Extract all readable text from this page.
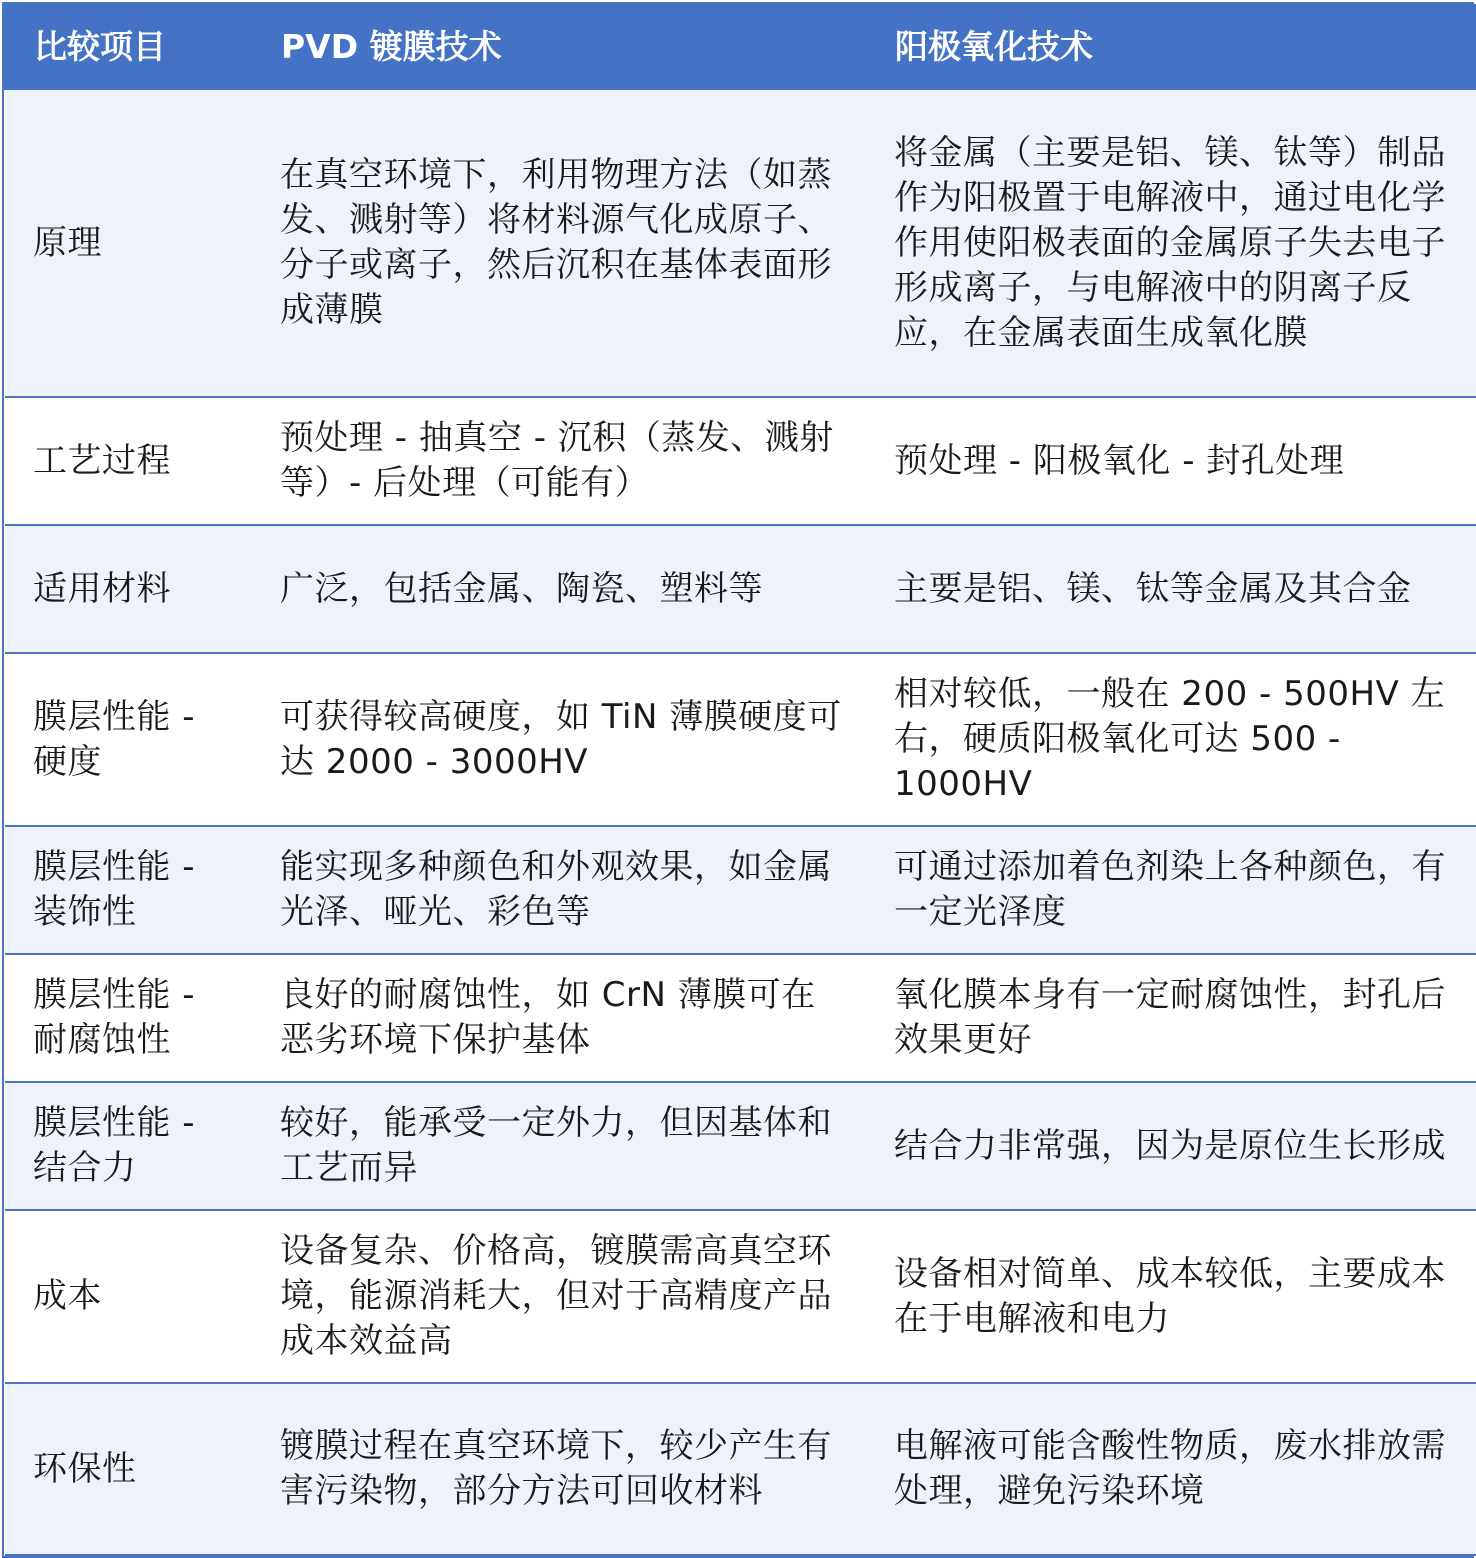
比较项目	PVD 镀膜技术	阳极氧化技术
原理	在真空环境下，利用物理方法（如蒸发、溅射等）将材料源气化成原子、分子或离子，然后沉积在基体表面形成薄膜	将金属（主要是铝、镁、钛等）制品作为阳极置于电解液中，通过电化学作用使阳极表面的金属原子失去电子形成离子，与电解液中的阴离子反应，在金属表面生成氧化膜
工艺过程	预处理 - 抽真空 - 沉积（蒸发、溅射等）- 后处理（可能有）	预处理 - 阳极氧化 - 封孔处理
适用材料	广泛，包括金属、陶瓷、塑料等	主要是铝、镁、钛等金属及其合金
膜层性能 - 硬度	可获得较高硬度，如 TiN 薄膜硬度可达 2000 - 3000HV	相对较低，一般在 200 - 500HV 左右，硬质阳极氧化可达 500 - 1000HV
膜层性能 - 装饰性	能实现多种颜色和外观效果，如金属光泽、哑光、彩色等	可通过添加着色剂染上各种颜色，有一定光泽度
膜层性能 - 耐腐蚀性	良好的耐腐蚀性，如 CrN 薄膜可在恶劣环境下保护基体	氧化膜本身有一定耐腐蚀性，封孔后效果更好
膜层性能 - 结合力	较好，能承受一定外力，但因基体和工艺而异	结合力非常强，因为是原位生长形成
成本	设备复杂、价格高，镀膜需高真空环境，能源消耗大，但对于高精度产品成本效益高	设备相对简单、成本较低，主要成本在于电解液和电力
环保性	镀膜过程在真空环境下，较少产生有害污染物，部分方法可回收材料	电解液可能含酸性物质，废水排放需处理，避免污染环境
